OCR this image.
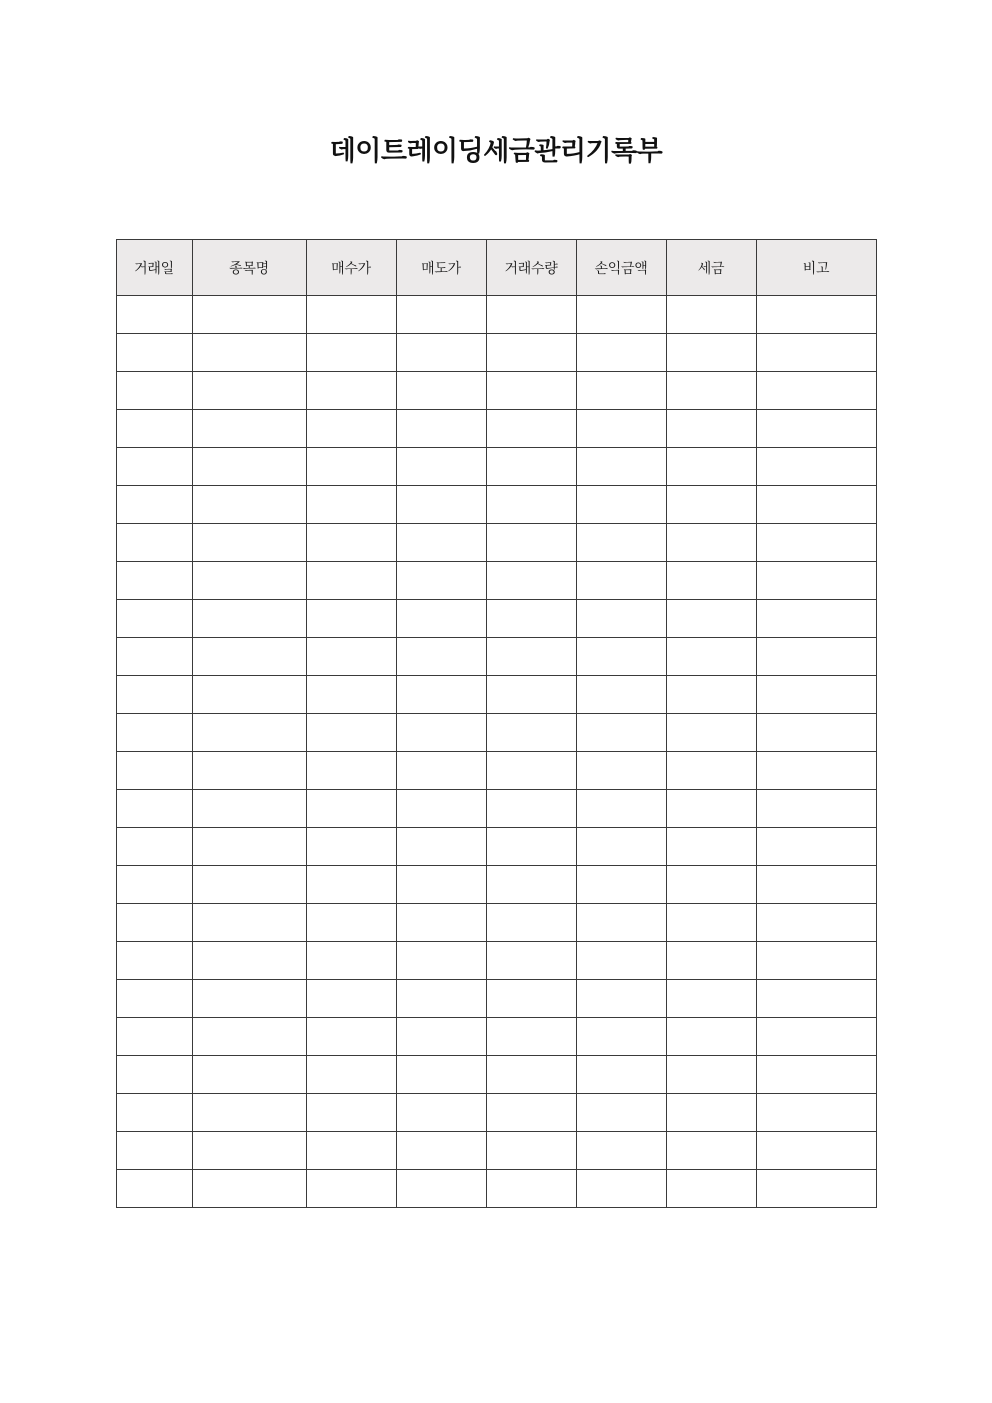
데이트레이딩세금관리기록부
거래일	종목명	매수가	매도가	거래수량	손익금액	세금	비고
